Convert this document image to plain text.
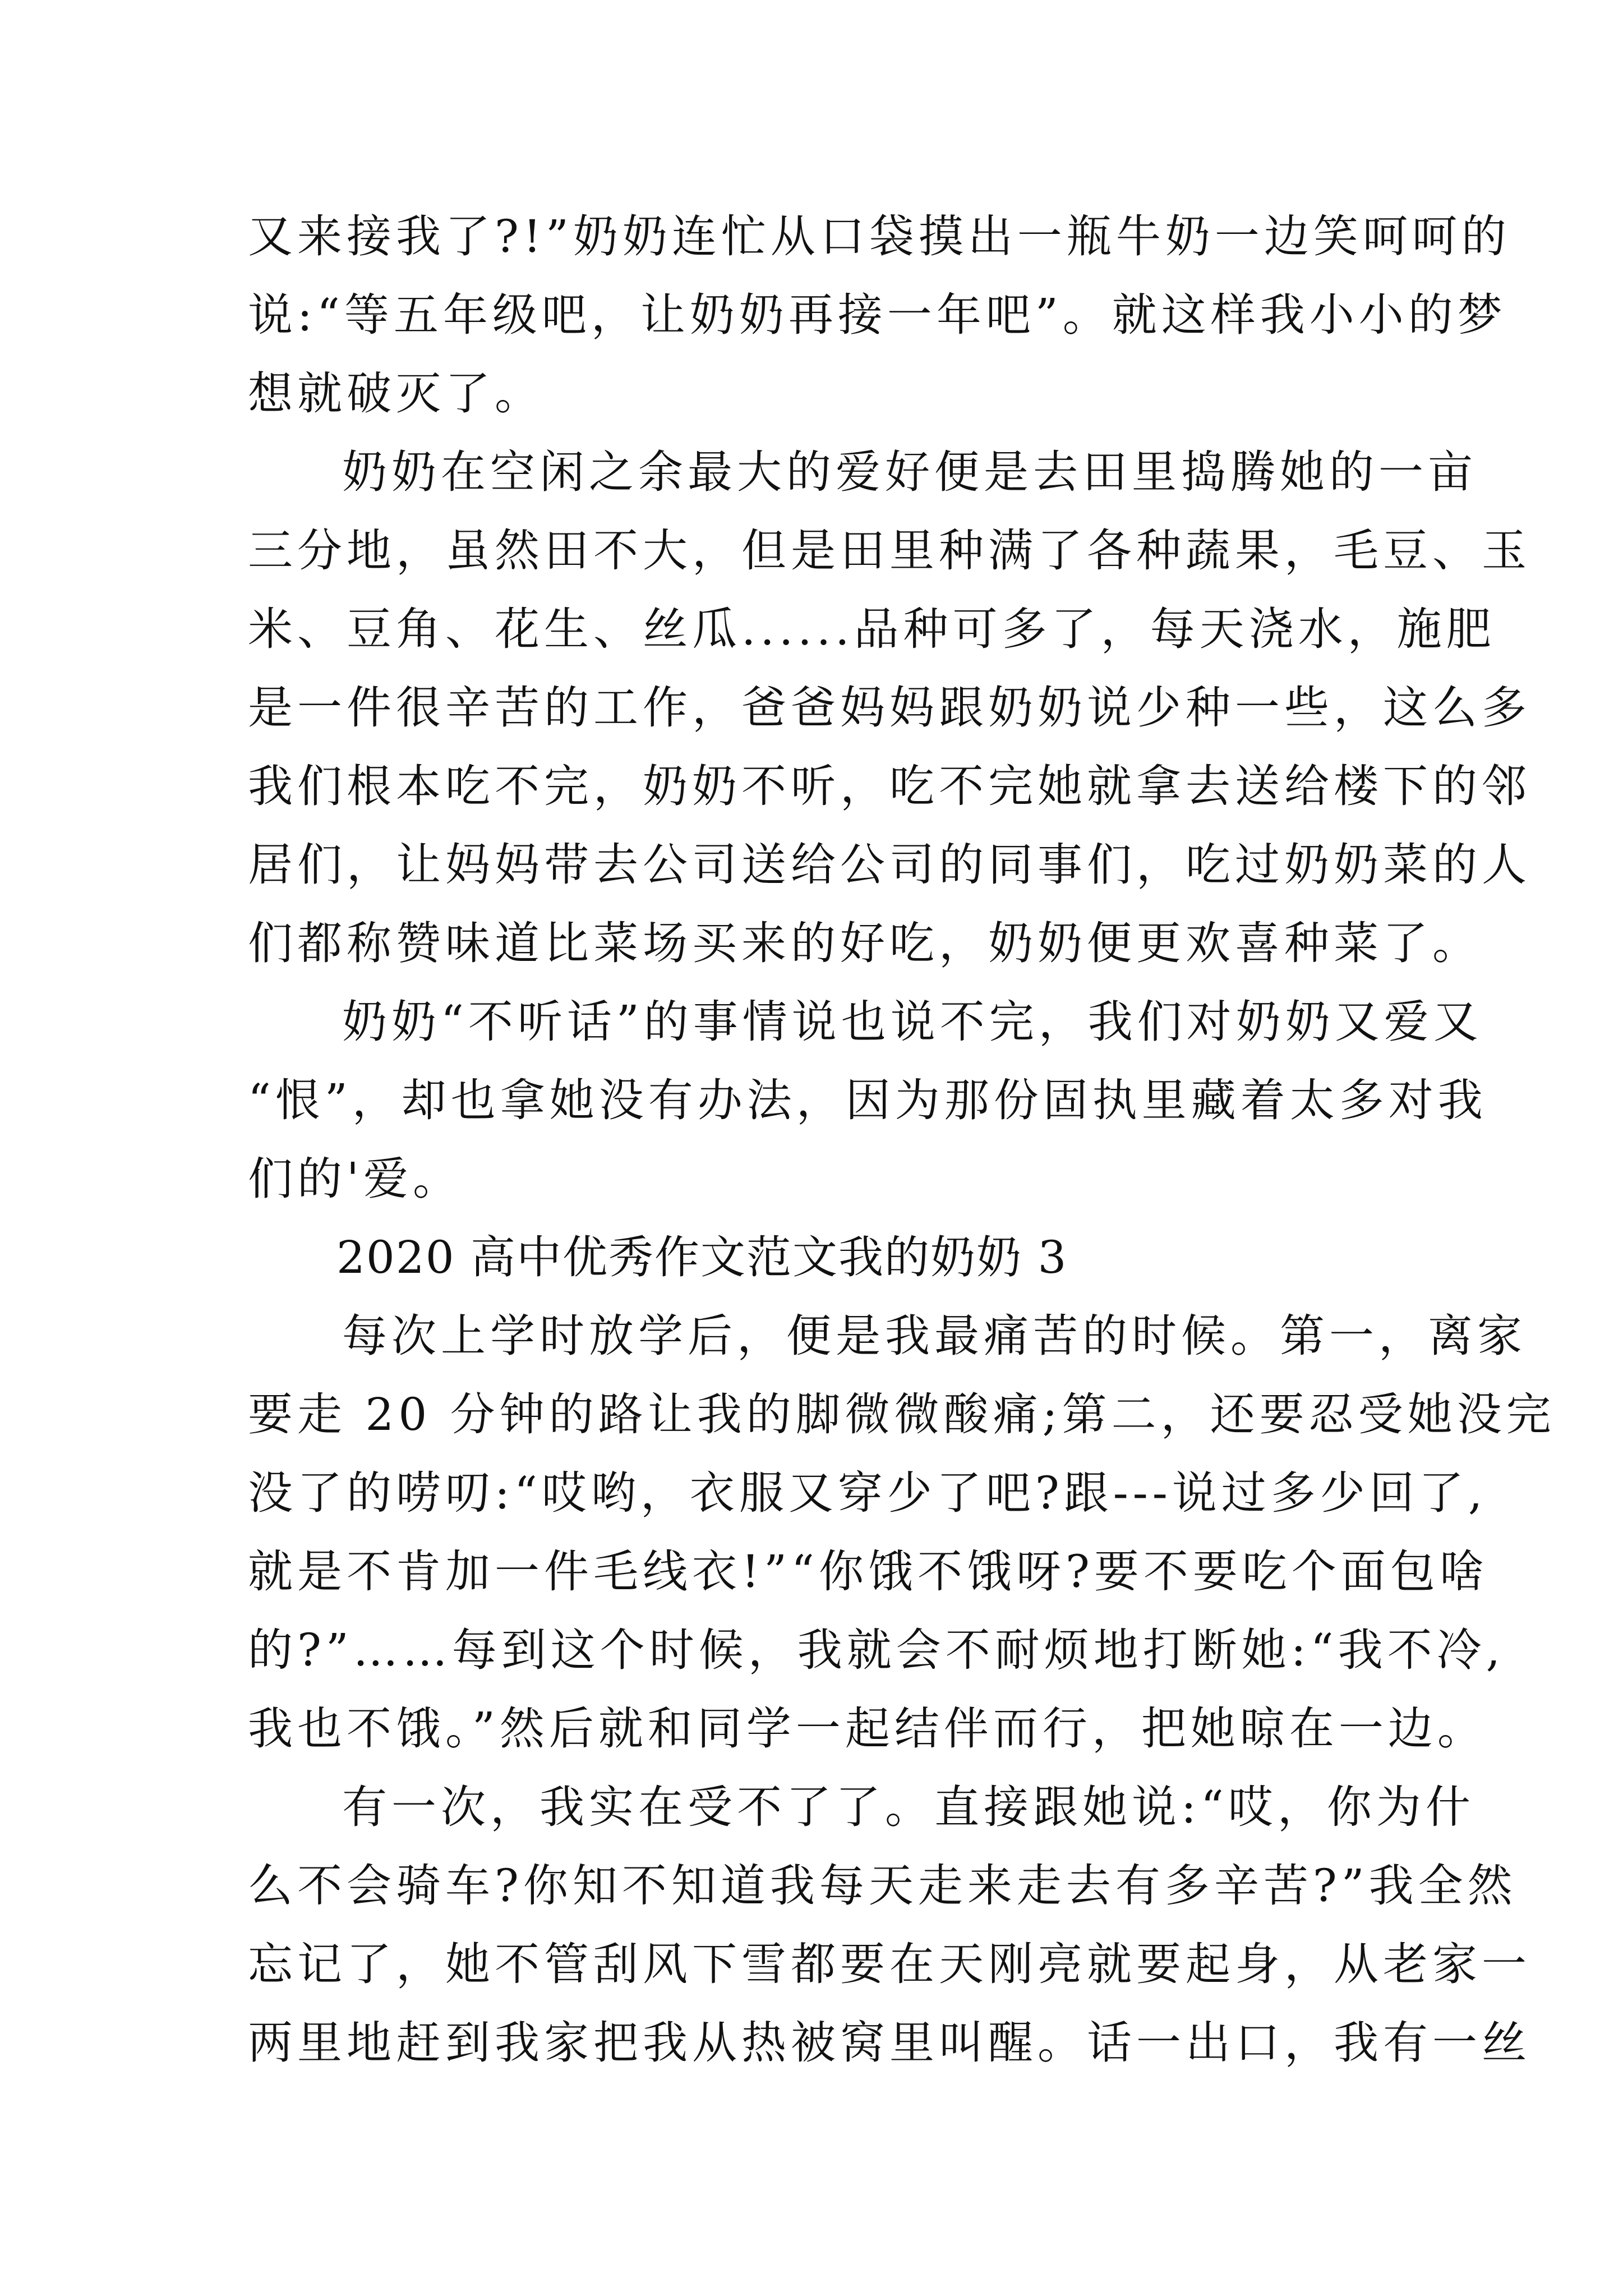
又来接我了?!”奶奶连忙从口袋摸出一瓶牛奶一边笑呵呵的
说:“等五年级吧，让奶奶再接一年吧”。就这样我小小的梦
想就破灭了。
奶奶在空闲之余最大的爱好便是去田里捣腾她的一亩
三分地，虽然田不大，但是田里种满了各种蔬果，毛豆、玉
米、豆角、花生、丝瓜......品种可多了，每天浇水，施肥
是一件很辛苦的工作，爸爸妈妈跟奶奶说少种一些，这么多
我们根本吃不完，奶奶不听，吃不完她就拿去送给楼下的邻
居们，让妈妈带去公司送给公司的同事们，吃过奶奶菜的人
们都称赞味道比菜场买来的好吃，奶奶便更欢喜种菜了。
奶奶“不听话”的事情说也说不完，我们对奶奶又爱又
“恨”，却也拿她没有办法，因为那份固执里藏着太多对我
们的'爱。
2020 高中优秀作文范文我的奶奶 3
每次上学时放学后，便是我最痛苦的时候。第一，离家
要走 20 分钟的路让我的脚微微酸痛;第二，还要忍受她没完
没了的唠叨:“哎哟，衣服又穿少了吧?跟---说过多少回了,
就是不肯加一件毛线衣!”“你饿不饿呀?要不要吃个面包啥
的?”……每到这个时候，我就会不耐烦地打断她:“我不冷,
我也不饿。”然后就和同学一起结伴而行，把她晾在一边。
有一次，我实在受不了了。直接跟她说:“哎，你为什
么不会骑车?你知不知道我每天走来走去有多辛苦?”我全然
忘记了，她不管刮风下雪都要在天刚亮就要起身，从老家一
两里地赶到我家把我从热被窝里叫醒。话一出口，我有一丝
